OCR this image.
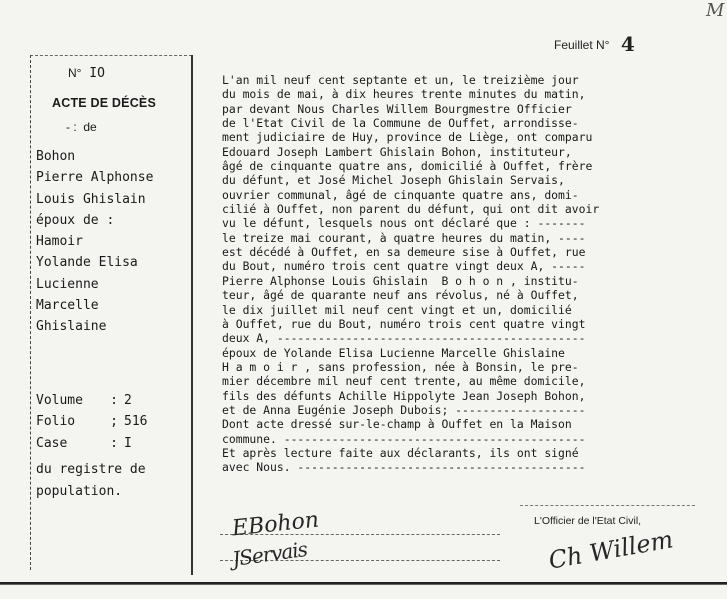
Feuillet N° 4
M
N° IO
ACTE DE DÉCÈS
- :  de
Bohon
Pierre Alphonse
Louis Ghislain
époux de :
Hamoir
Yolande Elisa
Lucienne
Marcelle
Ghislaine
Volume : 2
Folio	; 516
Case	: I
du registre de
population.
L'an mil neuf cent septante et un, le treizième jour
du mois de mai, à dix heures trente minutes du matin,
par devant Nous Charles Willem Bourgmestre Officier
de l'Etat Civil de la Commune de Ouffet, arrondisse-
ment judiciaire de Huy, province de Liège, ont comparu
Edouard Joseph Lambert Ghislain Bohon, instituteur,
âgé de cinquante quatre ans, domicilié à Ouffet, frère
du défunt, et José Michel Joseph Ghislain Servais,
ouvrier communal, âgé de cinquante quatre ans, domi-
cilié à Ouffet, non parent du défunt, qui ont dit avoir
vu le défunt, lesquels nous ont déclaré que : -------
le treize mai courant, à quatre heures du matin, ----
est décédé à Ouffet, en sa demeure sise à Ouffet, rue
du Bout, numéro trois cent quatre vingt deux A, -----
Pierre Alphonse Louis Ghislain  B o h o n , institu-
teur, âgé de quarante neuf ans révolus, né à Ouffet,
le dix juillet mil neuf cent vingt et un, domicilié
à Ouffet, rue du Bout, numéro trois cent quatre vingt
deux A, ---------------------------------------------
époux de Yolande Elisa Lucienne Marcelle Ghislaine
H a m o i r , sans profession, née à Bonsin, le pre-
mier décembre mil neuf cent trente, au même domicile,
fils des défunts Achille Hippolyte Jean Joseph Bohon,
et de Anna Eugénie Joseph Dubois; -------------------
Dont acte dressé sur-le-champ à Ouffet en la Maison
commune. --------------------------------------------
Et après lecture faite aux déclarants, ils ont signé
avec Nous. ------------------------------------------
EBohon
JServais
L'Officier de l'Etat Civil,
Ch Willem
